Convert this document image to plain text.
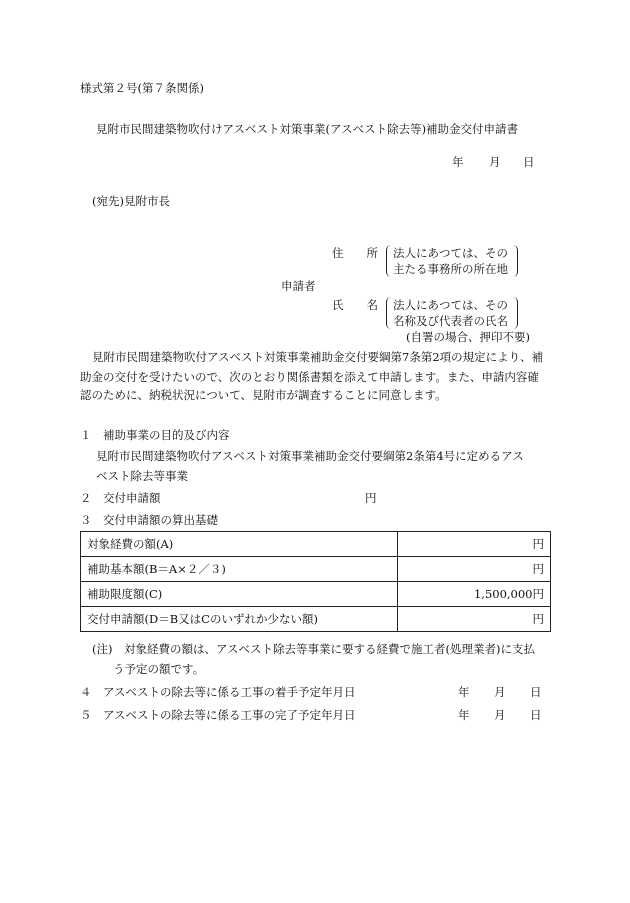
様式第２号(第７条関係)
見附市民間建築物吹付けアスベスト対策事業(アスベスト除去等)補助金交付申請書
年 月 日
(宛先)見附市長
住　　所 法人にあつては、その
主たる事務所の所在地
申請者
氏　　名 法人にあつては、その
名称及び代表者の氏名
(自署の場合、押印不要)
見附市民間建築物吹付アスベスト対策事業補助金交付要綱第7条第2項の規定により、補
助金の交付を受けたいので、次のとおり関係書類を添えて申請します。また、申請内容確
認のために、納税状況について、見附市が調査することに同意します。
１　補助事業の目的及び内容
見附市民間建築物吹付アスベスト対策事業補助金交付要綱第2条第4号に定めるアス
ベスト除去等事業
２　交付申請額	円
３　交付申請額の算出基礎
対象経費の額(A)	円
補助基本額(B＝A×２／３)	円
補助限度額(C)	1,500,000円
交付申請額(D＝B又はCのいずれか少ない額)	円
(注)　対象経費の額は、アスベスト除去等事業に要する経費で施工者(処理業者)に支払
う予定の額です。
４　アスベストの除去等に係る工事の着手予定年月日	年 月 日
５　アスベストの除去等に係る工事の完了予定年月日	年 月 日
